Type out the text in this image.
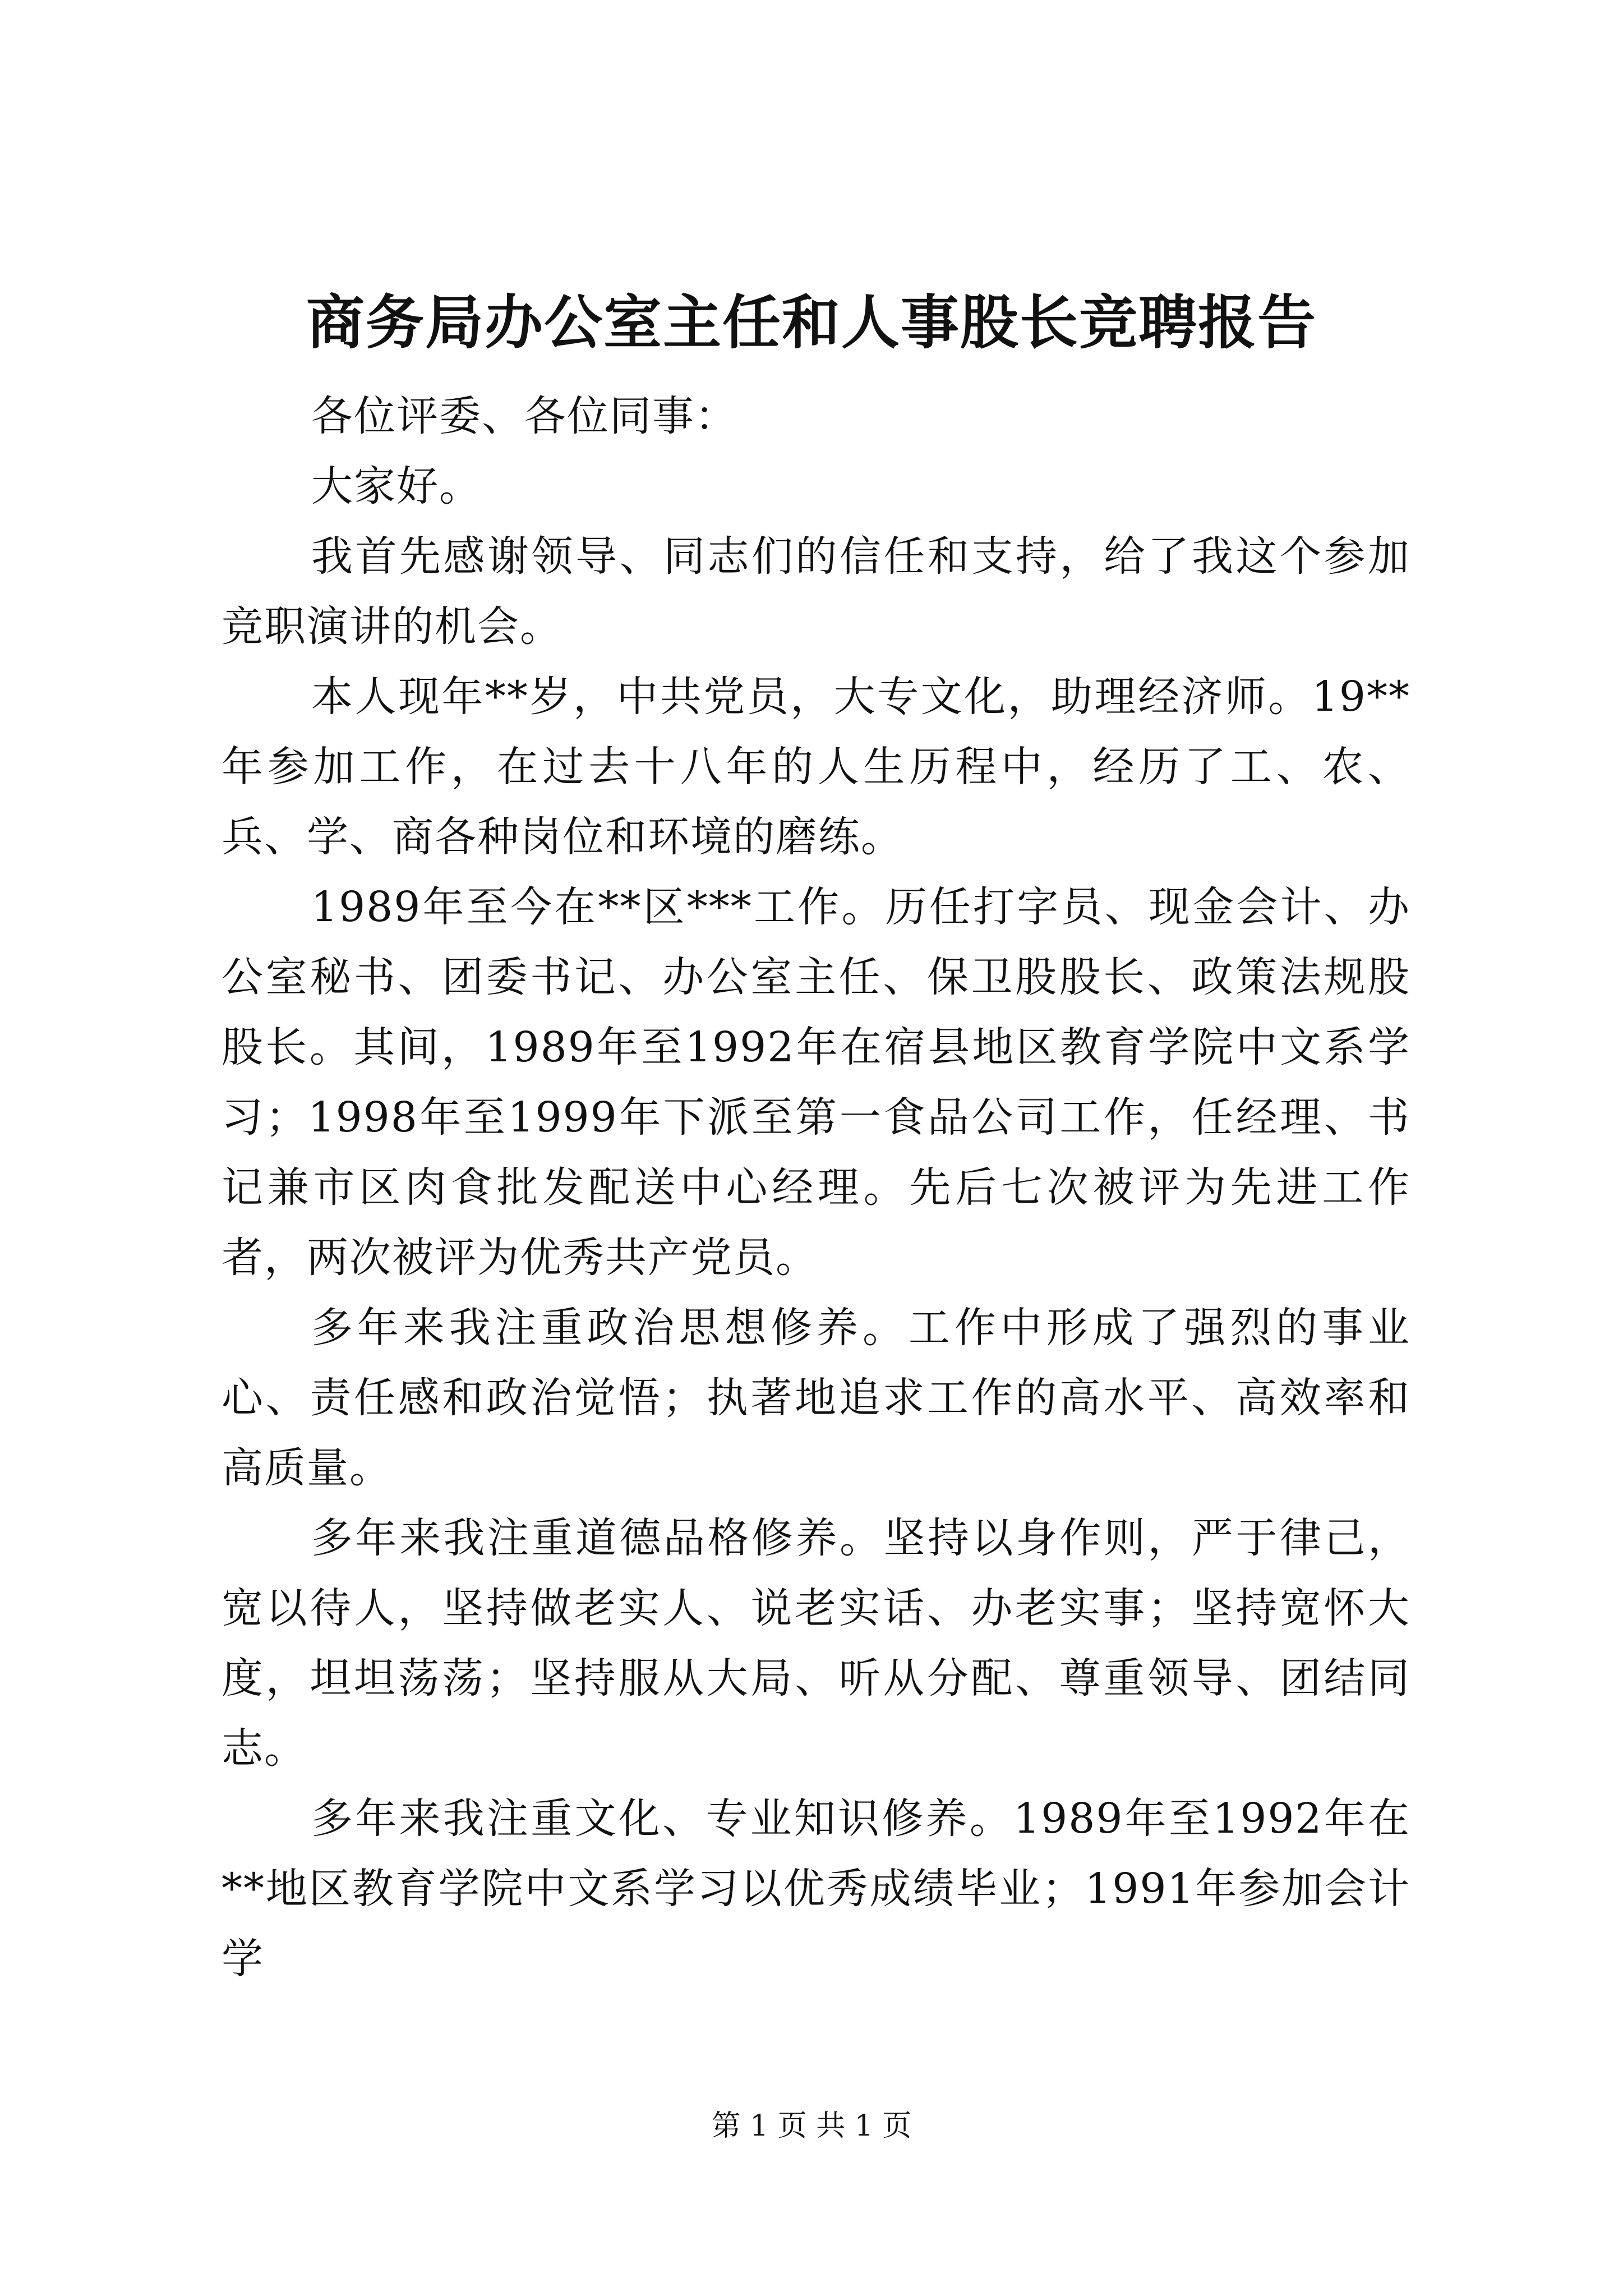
商务局办公室主任和人事股长竞聘报告

各位评委、各位同事：

大家好。

我首先感谢领导、同志们的信任和支持，给了我这个参加竞职演讲的机会。

本人现年**岁，中共党员，大专文化，助理经济师。19**年参加工作，在过去十八年的人生历程中，经历了工、农、兵、学、商各种岗位和环境的磨练。

1989年至今在**区***工作。历任打字员、现金会计、办公室秘书、团委书记、办公室主任、保卫股股长、政策法规股股长。其间，1989年至1992年在宿县地区教育学院中文系学习；1998年至1999年下派至第一食品公司工作，任经理、书记兼市区肉食批发配送中心经理。先后七次被评为先进工作者，两次被评为优秀共产党员。

多年来我注重政治思想修养。工作中形成了强烈的事业心、责任感和政治觉悟；执著地追求工作的高水平、高效率和高质量。

多年来我注重道德品格修养。坚持以身作则，严于律己，宽以待人，坚持做老实人、说老实话、办老实事；坚持宽怀大度，坦坦荡荡；坚持服从大局、听从分配、尊重领导、团结同志。

多年来我注重文化、专业知识修养。1989年至1992年在**地区教育学院中文系学习以优秀成绩毕业；1991年参加会计学

第 1 页 共 1 页
